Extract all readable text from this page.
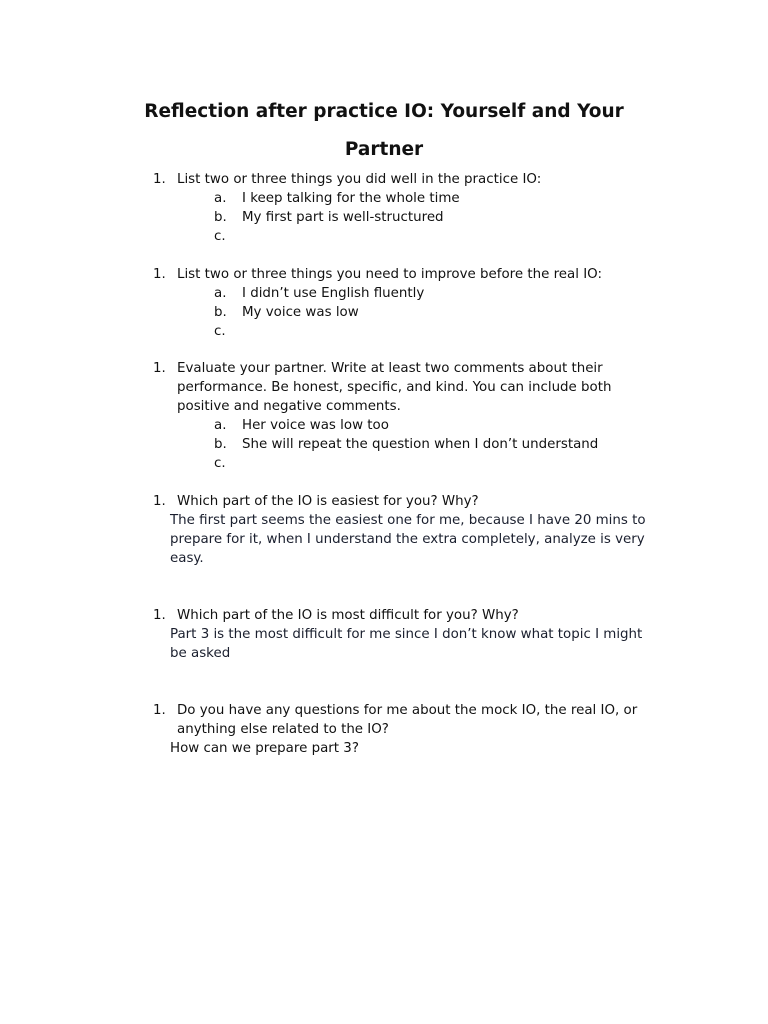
Reflection after practice IO: Yourself and Your
Partner
1. List two or three things you did well in the practice IO:
a. I keep talking for the whole time
b. My first part is well-structured
c.
1. List two or three things you need to improve before the real IO:
a. I didn’t use English fluently
b. My voice was low
c.
1. Evaluate your partner. Write at least two comments about their
performance. Be honest, specific, and kind. You can include both
positive and negative comments.
a. Her voice was low too
b. She will repeat the question when I don’t understand
c.
1. Which part of the IO is easiest for you? Why?
The first part seems the easiest one for me, because I have 20 mins to
prepare for it, when I understand the extra completely, analyze is very
easy.
1. Which part of the IO is most difficult for you? Why?
Part 3 is the most difficult for me since I don’t know what topic I might
be asked
1. Do you have any questions for me about the mock IO, the real IO, or
anything else related to the IO?
How can we prepare part 3?
